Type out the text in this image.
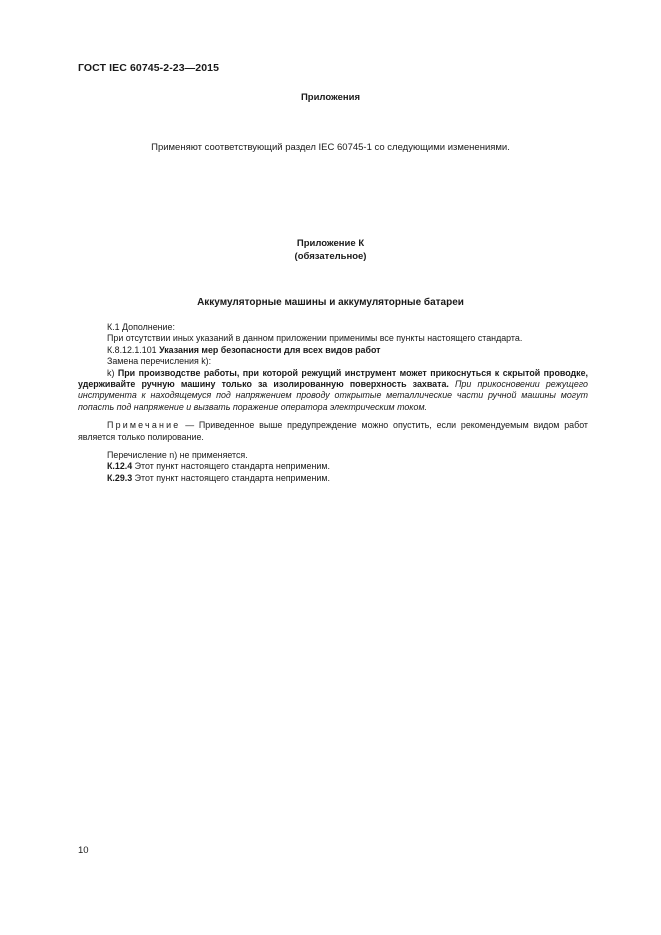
ГОСТ IEC 60745-2-23—2015
Приложения
Применяют соответствующий раздел IEC 60745-1 со следующими изменениями.
Приложение К
(обязательное)
Аккумуляторные машины и аккумуляторные батареи

К.1 Дополнение:

При отсутствии иных указаний в данном приложении применимы все пункты настоящего стандарта.

К.8.12.1.101 Указания мер безопасности для всех видов работ

Замена перечисления k):

k) При производстве работы, при которой режущий инструмент может прикоснуться к скрытой проводке, удерживайте ручную машину только за изолированную поверхность захвата. При прикосновении режущего инструмента к находящемуся под напряжением проводу открытые металлические части ручной машины могут попасть под напряжение и вызвать поражение оператора электрическим током.

Примечание — Приведенное выше предупреждение можно опустить, если рекомендуемым видом работ является только полирование.

Перечисление n) не применяется.

К.12.4 Этот пункт настоящего стандарта неприменим.

К.29.3 Этот пункт настоящего стандарта неприменим.

10
